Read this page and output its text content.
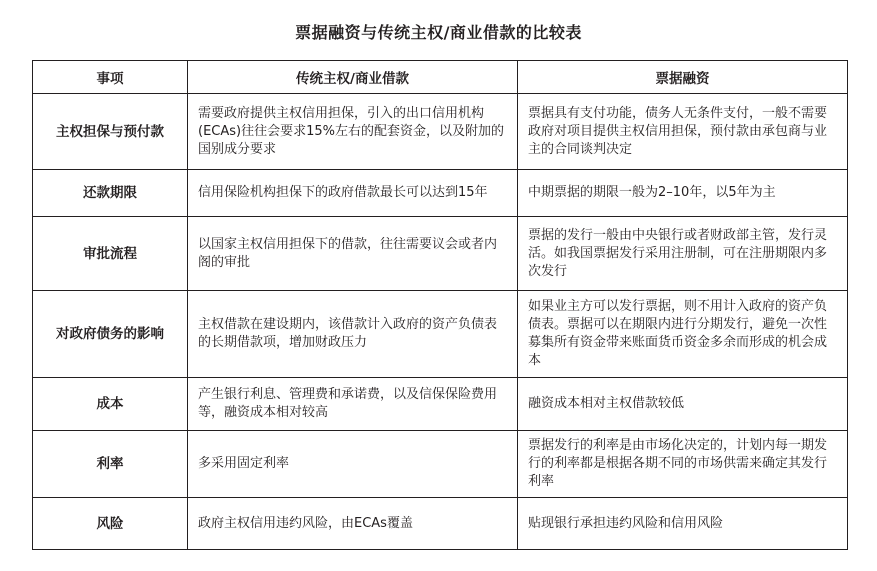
票据融资与传统主权/商业借款的比较表
事项	传统主权/商业借款	票据融资
主权担保与预付款	需要政府提供主权信用担保，引入的出口信用机构(ECAs)往往会要求15%左右的配套资金，以及附加的国别成分要求	票据具有支付功能，债务人无条件支付，一般不需要政府对项目提供主权信用担保，预付款由承包商与业主的合同谈判决定
还款期限	信用保险机构担保下的政府借款最长可以达到15年	中期票据的期限一般为2–10年，以5年为主
审批流程	以国家主权信用担保下的借款，往往需要议会或者内阁的审批	票据的发行一般由中央银行或者财政部主管，发行灵活。如我国票据发行采用注册制，可在注册期限内多次发行
对政府债务的影响	主权借款在建设期内，该借款计入政府的资产负债表的长期借款项，增加财政压力	如果业主方可以发行票据，则不用计入政府的资产负债表。票据可以在期限内进行分期发行，避免一次性募集所有资金带来账面货币资金多余而形成的机会成本
成本	产生银行利息、管理费和承诺费，以及信保保险费用等，融资成本相对较高	融资成本相对主权借款较低
利率	多采用固定利率	票据发行的利率是由市场化决定的，计划内每一期发行的利率都是根据各期不同的市场供需来确定其发行利率
风险	政府主权信用违约风险，由ECAs覆盖	贴现银行承担违约风险和信用风险
